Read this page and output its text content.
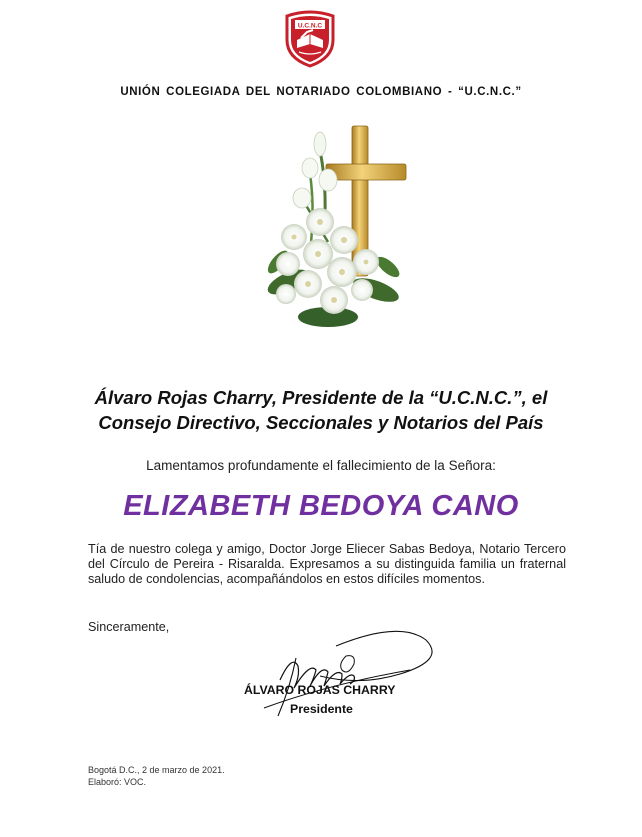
U.C.N.C
UNIÓN COLEGIADA DEL NOTARIADO COLOMBIANO - “U.C.N.C.”
Álvaro Rojas Charry, Presidente de la “U.C.N.C.”, el
Consejo Directivo, Seccionales y Notarios del País
Lamentamos profundamente el fallecimiento de la Señora:
ELIZABETH BEDOYA CANO
Tía de nuestro colega y amigo, Doctor Jorge Eliecer Sabas Bedoya, Notario Tercero del Círculo de Pereira - Risaralda. Expresamos a su distinguida familia un fraternal saludo de condolencias, acompañándolos en estos difíciles momentos.
Sinceramente,
ÁLVARO ROJAS CHARRY
Presidente
Bogotá D.C., 2 de marzo de 2021.
Elaboró: VOC.
